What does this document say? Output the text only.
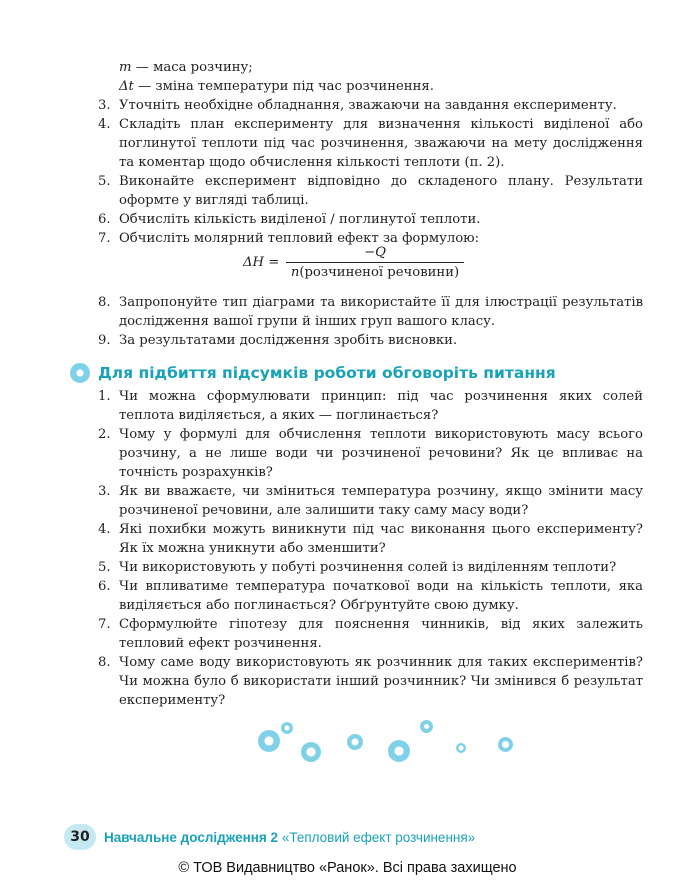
m — маса розчину;
Δt — зміна температури під час розчинення.
3. Уточніть необхідне обладнання, зважаючи на завдання експерименту.
4. Складіть план експерименту для визначення кількості виділеної або поглинутої теплоти під час розчинення, зважаючи на мету дослідження та коментар щодо обчислення кількості теплоти (п. 2).
5. Виконайте експеримент відповідно до складеного плану. Результати оформте у вигляді таблиці.
6. Обчисліть кількість виділеної / поглинутої теплоти.
7. Обчисліть молярний тепловий ефект за формулою:
ΔH =
−Q
n(розчиненої речовини)
8. Запропонуйте тип діаграми та використайте її для ілюстрації результатів дослідження вашої групи й інших груп вашого класу.
9. За результатами дослідження зробіть висновки.
Для підбиття підсумків роботи обговоріть питання
1. Чи можна сформулювати принцип: під час розчинення яких солей теплота виділяється, а яких — поглинається?
2. Чому у формулі для обчислення теплоти використовують масу всього розчину, а не лише води чи розчиненої речовини? Як це впливає на точність розрахунків?
3. Як ви вважаєте, чи зміниться температура розчину, якщо змінити масу розчиненої речовини, але залишити таку саму масу води?
4. Які похибки можуть виникнути під час виконання цього експерименту? Як їх можна уникнути або зменшити?
5. Чи використовують у побуті розчинення солей із виділенням теплоти?
6. Чи впливатиме температура початкової води на кількість теплоти, яка виділяється або поглинається? Обґрунтуйте свою думку.
7. Сформулюйте гіпотезу для пояснення чинників, від яких залежить тепловий ефект розчинення.
8. Чому саме воду використовують як розчинник для таких експериментів? Чи можна було б використати інший розчинник? Чи змінився б результат експерименту?
30	Навчальне дослідження 2 «Тепловий ефект розчинення»
© ТОВ Видавництво «Ранок». Всі права захищено
